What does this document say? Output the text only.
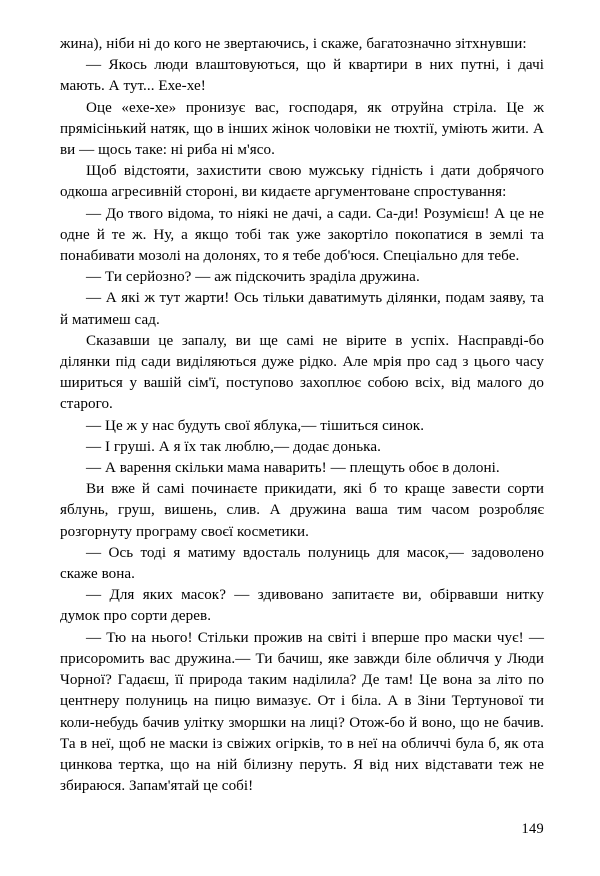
жина), ніби ні до кого не звертаючись, і скаже, багатозначно зітхнувши:

— Якось люди влаштовуються, що й квартири в них путні, і дачі мають. А тут... Ехе-хе!

Оце «ехе-хе» пронизує вас, господаря, як отруйна стріла. Це ж прямісінький натяк, що в інших жінок чоловіки не тюхтії, уміють жити. А ви — щось таке: ні риба ні м'ясо.

Щоб відстояти, захистити свою мужську гідність і дати добрячого одкоша агресивній стороні, ви кидаєте аргументоване спростування:

— До твого відома, то ніякі не дачі, а сади. Са-ди! Розумієш! А це не одне й те ж. Ну, а якщо тобі так уже закортіло покопатися в землі та понабивати мозолі на долонях, то я тебе доб'юся. Спеціально для тебе.

— Ти серйозно? — аж підскочить зраділа дружина.

— А які ж тут жарти! Ось тільки даватимуть ділянки, подам заяву, та й матимеш сад.

Сказавши це запалу, ви ще самі не вірите в успіх. Насправді-бо ділянки під сади виділяються дуже рідко. Але мрія про сад з цього часу шириться у вашій сім'ї, поступово захоплює собою всіх, від малого до старого.

— Це ж у нас будуть свої яблука,— тішиться синок.

— І груші. А я їх так люблю,— додає донька.

— А варення скільки мама наварить! — плещуть обоє в долоні.

Ви вже й самі починаєте прикидати, які б то краще завести сорти яблунь, груш, вишень, слив. А дружина ваша тим часом розробляє розгорнуту програму своєї косметики.

— Ось тоді я матиму вдосталь полуниць для масок,— задоволено скаже вона.

— Для яких масок? — здивовано запитаєте ви, обірвавши нитку думок про сорти дерев.

— Тю на нього! Стільки прожив на світі і вперше про маски чує! — присоромить вас дружина.— Ти бачиш, яке завжди біле обличчя у Люди Чорної? Гадаєш, її природа таким наділила? Де там! Це вона за літо по центнеру полуниць на пицю вимазує. От і біла. А в Зіни Тертунової ти коли-небудь бачив улітку зморшки на лиці? Отож-бо й воно, що не бачив. Та в неї, щоб не маски із свіжих огірків, то в неї на обличчі була б, як ота цинкова тертка, що на ній білизну перуть. Я від них відставати теж не збираюся. Запам'ятай це собі!

149
